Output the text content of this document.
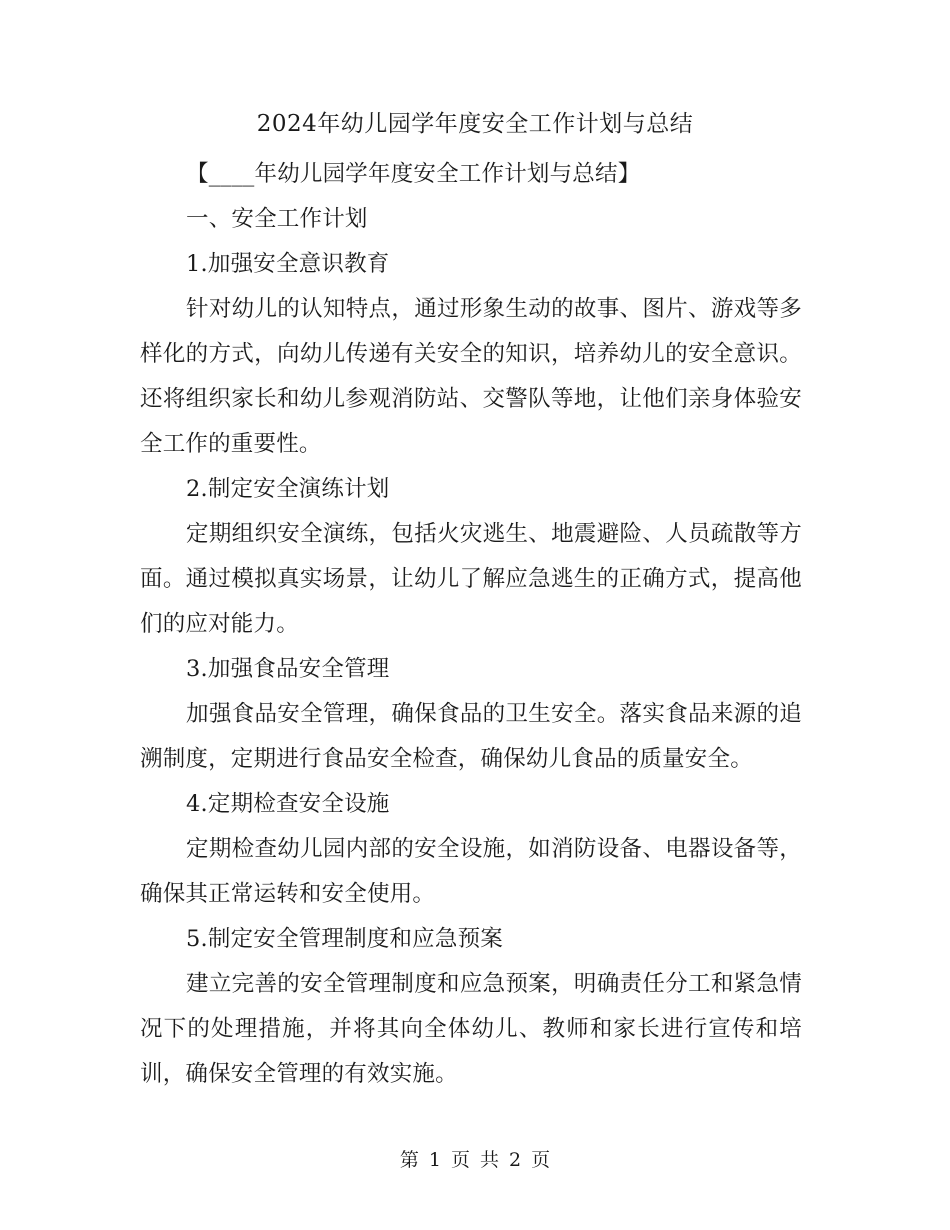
2024年幼儿园学年度安全工作计划与总结

【____年幼儿园学年度安全工作计划与总结】

一、安全工作计划

1.加强安全意识教育

针对幼儿的认知特点，通过形象生动的故事、图片、游戏等多样化的方式，向幼儿传递有关安全的知识，培养幼儿的安全意识。还将组织家长和幼儿参观消防站、交警队等地，让他们亲身体验安全工作的重要性。

2.制定安全演练计划

定期组织安全演练，包括火灾逃生、地震避险、人员疏散等方面。通过模拟真实场景，让幼儿了解应急逃生的正确方式，提高他们的应对能力。

3.加强食品安全管理

加强食品安全管理，确保食品的卫生安全。落实食品来源的追溯制度，定期进行食品安全检查，确保幼儿食品的质量安全。

4.定期检查安全设施

定期检查幼儿园内部的安全设施，如消防设备、电器设备等，确保其正常运转和安全使用。

5.制定安全管理制度和应急预案

建立完善的安全管理制度和应急预案，明确责任分工和紧急情况下的处理措施，并将其向全体幼儿、教师和家长进行宣传和培训，确保安全管理的有效实施。

第 1 页 共 2 页
